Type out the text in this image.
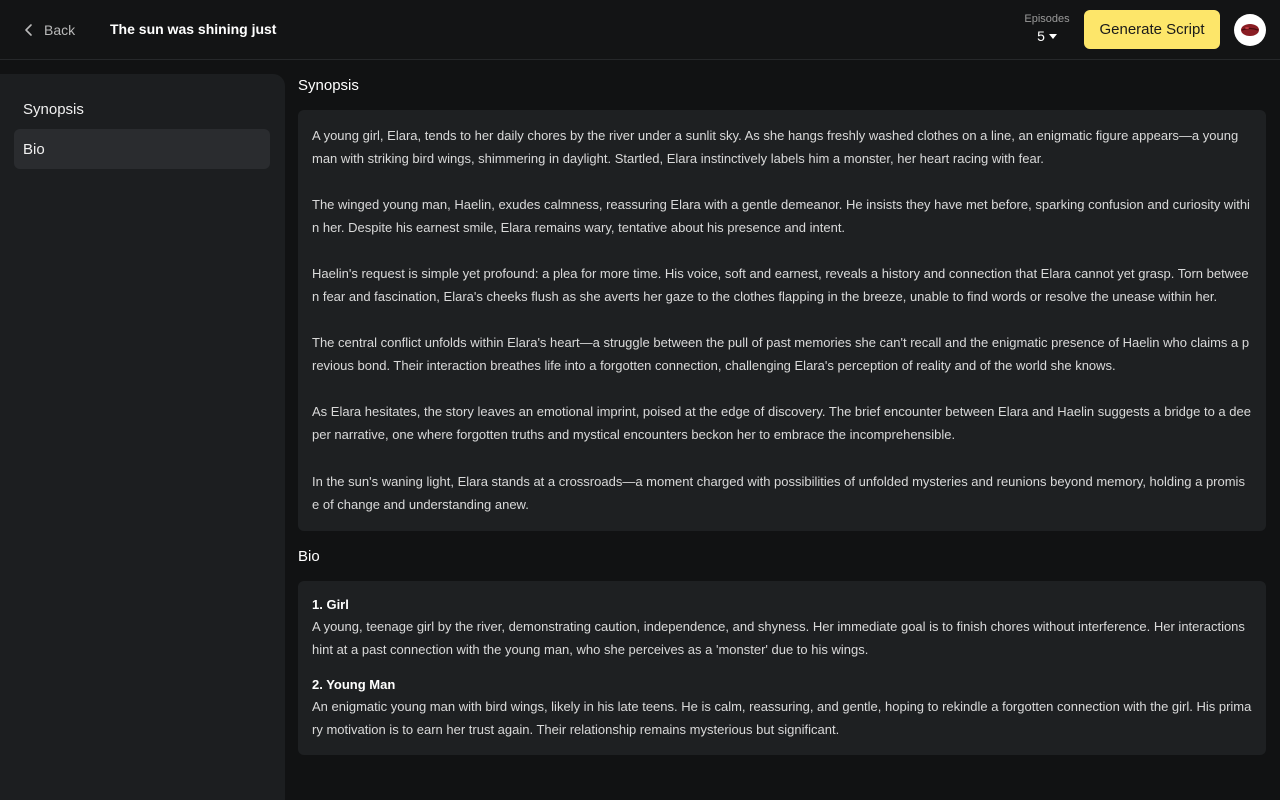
Back The sun was shining just
Episodes
5	Generate Script
Synopsis
Bio
Synopsis

A young girl, Elara, tends to her daily chores by the river under a sunlit sky. As she hangs freshly washed clothes on a line, an enigmatic figure appears—a young man with striking bird wings, shimmering in daylight. Startled, Elara instinctively labels him a monster, her heart racing with fear.

The winged young man, Haelin, exudes calmness, reassuring Elara with a gentle demeanor. He insists they have met before, sparking confusion and curiosity within her. Despite his earnest smile, Elara remains wary, tentative about his presence and intent.

Haelin's request is simple yet profound: a plea for more time. His voice, soft and earnest, reveals a history and connection that Elara cannot yet grasp. Torn between fear and fascination, Elara's cheeks flush as she averts her gaze to the clothes flapping in the breeze, unable to find words or resolve the unease within her.

The central conflict unfolds within Elara's heart—a struggle between the pull of past memories she can't recall and the enigmatic presence of Haelin who claims a previous bond. Their interaction breathes life into a forgotten connection, challenging Elara's perception of reality and of the world she knows.

As Elara hesitates, the story leaves an emotional imprint, poised at the edge of discovery. The brief encounter between Elara and Haelin suggests a bridge to a deeper narrative, one where forgotten truths and mystical encounters beckon her to embrace the incomprehensible.

In the sun's waning light, Elara stands at a crossroads—a moment charged with possibilities of unfolded mysteries and reunions beyond memory, holding a promise of change and understanding anew.

Bio
1. Girl

A young, teenage girl by the river, demonstrating caution, independence, and shyness. Her immediate goal is to finish chores without interference. Her interactions hint at a past connection with the young man, who she perceives as a 'monster' due to his wings.

2. Young Man

An enigmatic young man with bird wings, likely in his late teens. He is calm, reassuring, and gentle, hoping to rekindle a forgotten connection with the girl. His primary motivation is to earn her trust again. Their relationship remains mysterious but significant.
